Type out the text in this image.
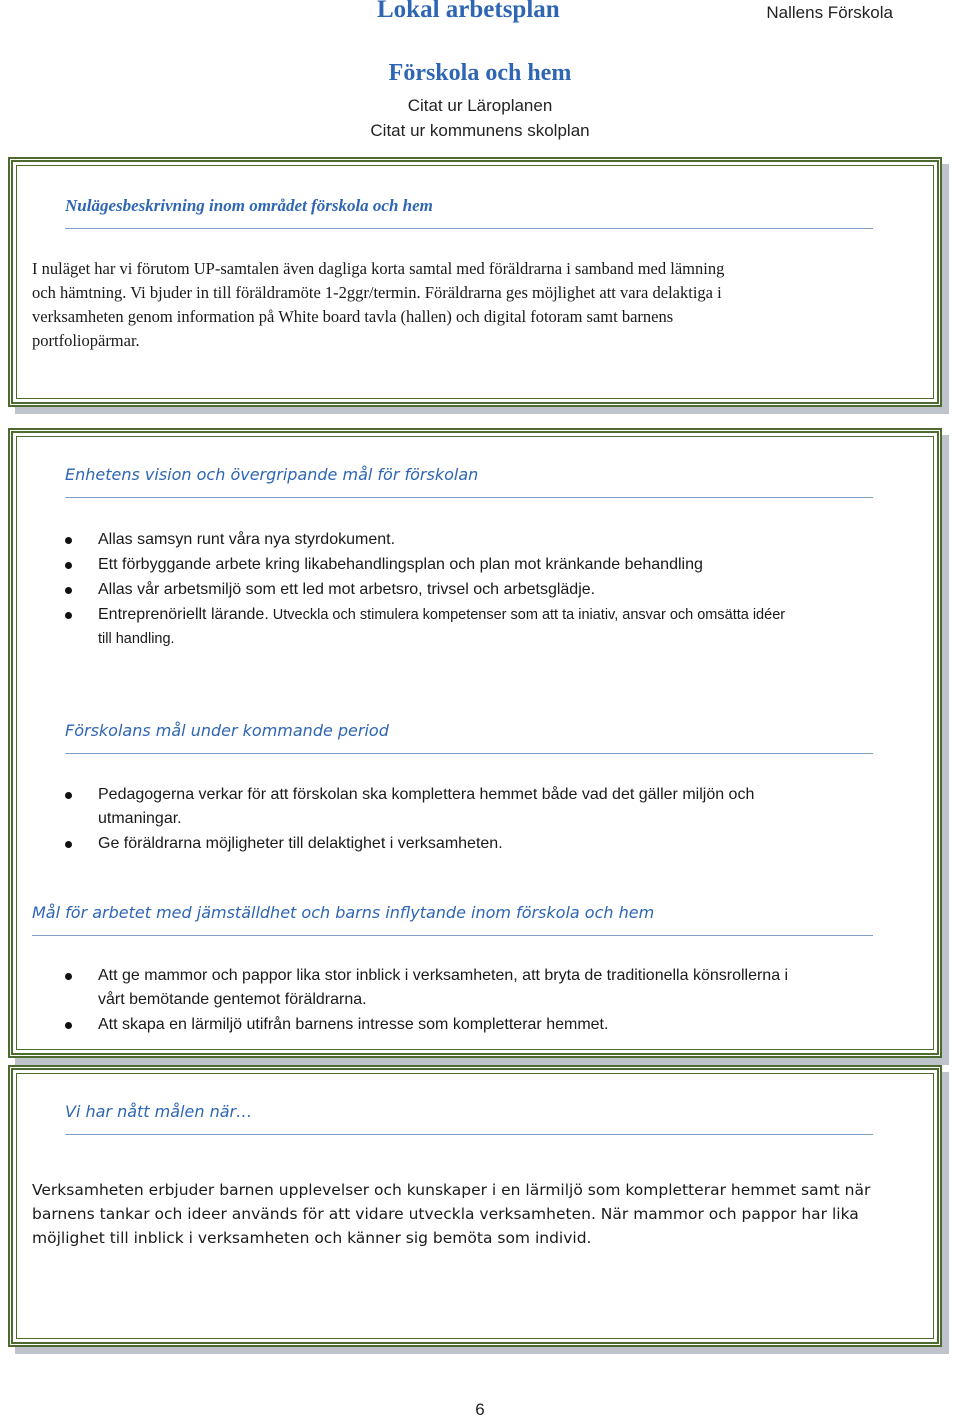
Lokal arbetsplan	Nallens Förskola
Förskola och hem
Citat ur Läroplanen
Citat ur kommunens skolplan
Nulägesbeskrivning inom området förskola och hem
I nuläget har vi förutom UP-samtalen även dagliga korta samtal med föräldrarna i samband med lämning
och hämtning. Vi bjuder in till föräldramöte 1-2ggr/termin. Föräldrarna ges möjlighet att vara delaktiga i
verksamheten genom information på White board tavla (hallen) och digital fotoram samt barnens
portfoliopärmar.
Enhetens vision och övergripande mål för förskolan
Allas samsyn runt våra nya styrdokument.
Ett förbyggande arbete kring likabehandlingsplan och plan mot kränkande behandling
Allas vår arbetsmiljö som ett led mot arbetsro, trivsel och arbetsglädje.
Entreprenöriellt lärande. Utveckla och stimulera kompetenser som att ta iniativ, ansvar och omsätta idéer
till handling.
Förskolans mål under kommande period
Pedagogerna verkar för att förskolan ska komplettera hemmet både vad det gäller miljön och
utmaningar.
Ge föräldrarna möjligheter till delaktighet i verksamheten.
Mål för arbetet med jämställdhet och barns inflytande inom förskola och hem
Att ge mammor och pappor lika stor inblick i verksamheten, att bryta de traditionella könsrollerna i
vårt bemötande gentemot föräldrarna.
Att skapa en lärmiljö utifrån barnens intresse som kompletterar hemmet.
Vi har nått målen när…
Verksamheten erbjuder barnen upplevelser och kunskaper i en lärmiljö som kompletterar hemmet samt när
barnens tankar och ideer används för att vidare utveckla verksamheten. När mammor och pappor har lika
möjlighet till inblick i verksamheten och känner sig bemöta som individ.
6
